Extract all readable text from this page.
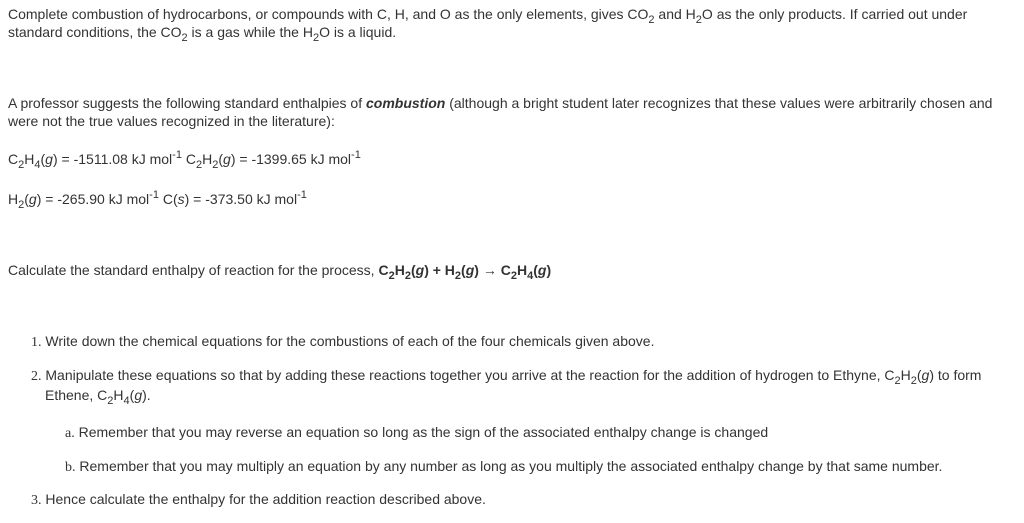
Complete combustion of hydrocarbons, or compounds with C, H, and O as the only elements, gives $CO_2$ and $H_2O$ as the only products. If carried out under
standard conditions, the $CO_2$ is a gas while the $H_2O$ is a liquid.

A professor suggests the following standard enthalpies of combustion (although a bright student later recognizes that these values were arbitrarily chosen and
were not the true values recognized in the literature):

$C_2H_4(g) = -1511.08$ kJ mol$^{-1}$ $C_2H_2(g) = -1399.65$ kJ mol$^{-1}$

$H_2(g) = -265.90$ kJ mol$^{-1}$ C(s) = -373.50 kJ mol$^{-1}$

Calculate the standard enthalpy of reaction for the process, $C_2H_2(g) + H_2(g) \to C_2H_4(g)$

1. Write down the chemical equations for the combustions of each of the four chemicals given above.

2. Manipulate these equations so that by adding these reactions together you arrive at the reaction for the addition of hydrogen to Ethyne, $C_2H_2(g)$ to form
Ethene, $C_2H_4(g)$.

a. Remember that you may reverse an equation so long as the sign of the associated enthalpy change is changed

b. Remember that you may multiply an equation by any number as long as you multiply the associated enthalpy change by that same number.

3. Hence calculate the enthalpy for the addition reaction described above.
